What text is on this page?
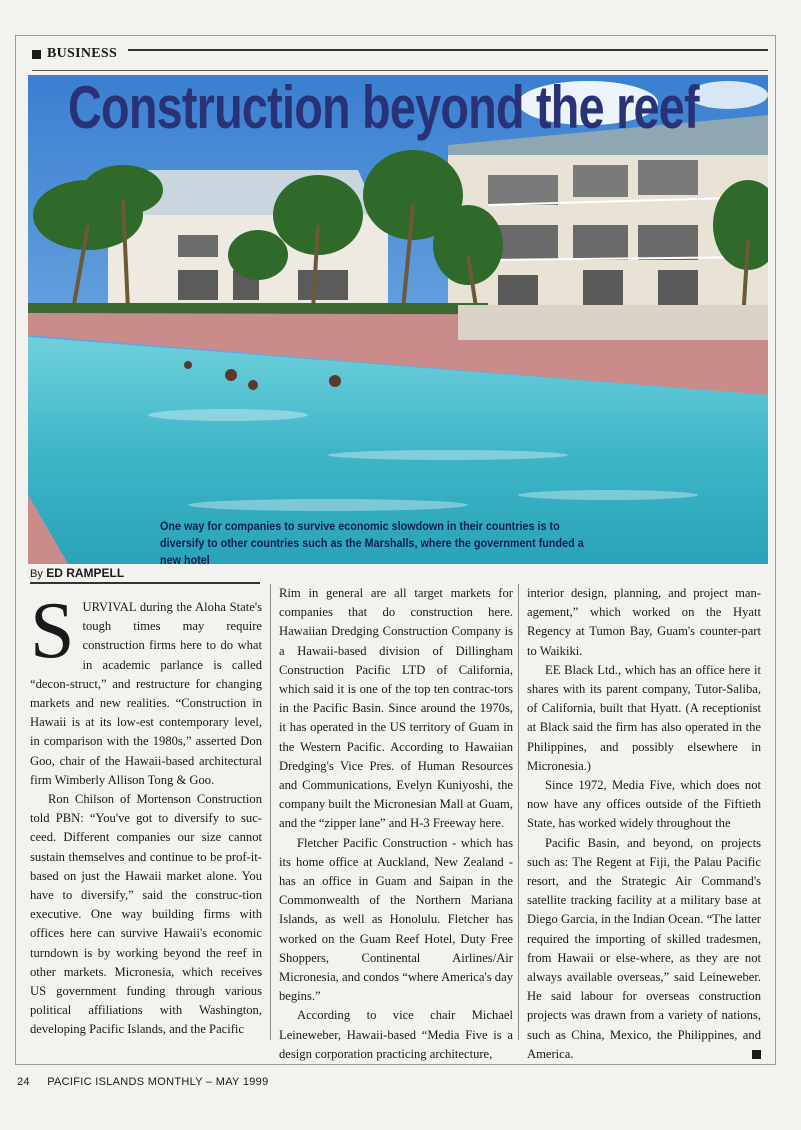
BUSINESS
Construction beyond the reef
One way for companies to survive economic slowdown in their countries is to diversify to other countries such as the Marshalls, where the government funded a new hotel
By ED RAMPELL

SURVIVAL during the Aloha State's tough times may require construction firms here to do what in academic parlance is called “decon-struct,” and restructure for changing markets and new realities. “Construction in Hawaii is at its low-est contemporary level, in comparison with the 1980s,” asserted Don Goo, chair of the Hawaii-based architectural firm Wimberly Allison Tong & Goo.

Ron Chilson of Mortenson Construction told PBN: “You've got to diversify to suc-ceed. Different companies our size cannot sustain themselves and continue to be prof-it-based on just the Hawaii market alone. You have to diversify,” said the construc-tion executive. One way building firms with offices here can survive Hawaii's economic turndown is by working beyond the reef in other markets. Micronesia, which receives US government funding through various political affiliations with Washington, developing Pacific Islands, and the Pacific

Rim in general are all target markets for companies that do construction here. Hawaiian Dredging Construction Company is a Hawaii-based division of Dillingham Construction Pacific LTD of California, which said it is one of the top ten contrac-tors in the Pacific Basin. Since around the 1970s, it has operated in the US territory of Guam in the Western Pacific. According to Hawaiian Dredging's Vice Pres. of Human Resources and Communications, Evelyn Kuniyoshi, the company built the Micronesian Mall at Guam, and the “zipper lane” and H-3 Freeway here.

Fletcher Pacific Construction - which has its home office at Auckland, New Zealand - has an office in Guam and Saipan in the Commonwealth of the Northern Mariana Islands, as well as Honolulu. Fletcher has worked on the Guam Reef Hotel, Duty Free Shoppers, Continental Airlines/Air Micronesia, and condos “where America's day begins.”

According to vice chair Michael Leineweber, Hawaii-based “Media Five is a design corporation practicing architecture,

interior design, planning, and project man-agement,” which worked on the Hyatt Regency at Tumon Bay, Guam's counter-part to Waikiki.

EE Black Ltd., which has an office here it shares with its parent company, Tutor-Saliba, of California, built that Hyatt. (A receptionist at Black said the firm has also operated in the Philippines, and possibly elsewhere in Micronesia.)

Since 1972, Media Five, which does not now have any offices outside of the Fiftieth State, has worked widely throughout the

Pacific Basin, and beyond, on projects such as: The Regent at Fiji, the Palau Pacific resort, and the Strategic Air Command's satellite tracking facility at a military base at Diego Garcia, in the Indian Ocean. “The latter required the importing of skilled tradesmen, from Hawaii or else-where, as they are not always available overseas,” said Leineweber. He said labour for overseas construction projects was drawn from a variety of nations, such as China, Mexico, the Philippines, and America.

24 PACIFIC ISLANDS MONTHLY – MAY 1999
